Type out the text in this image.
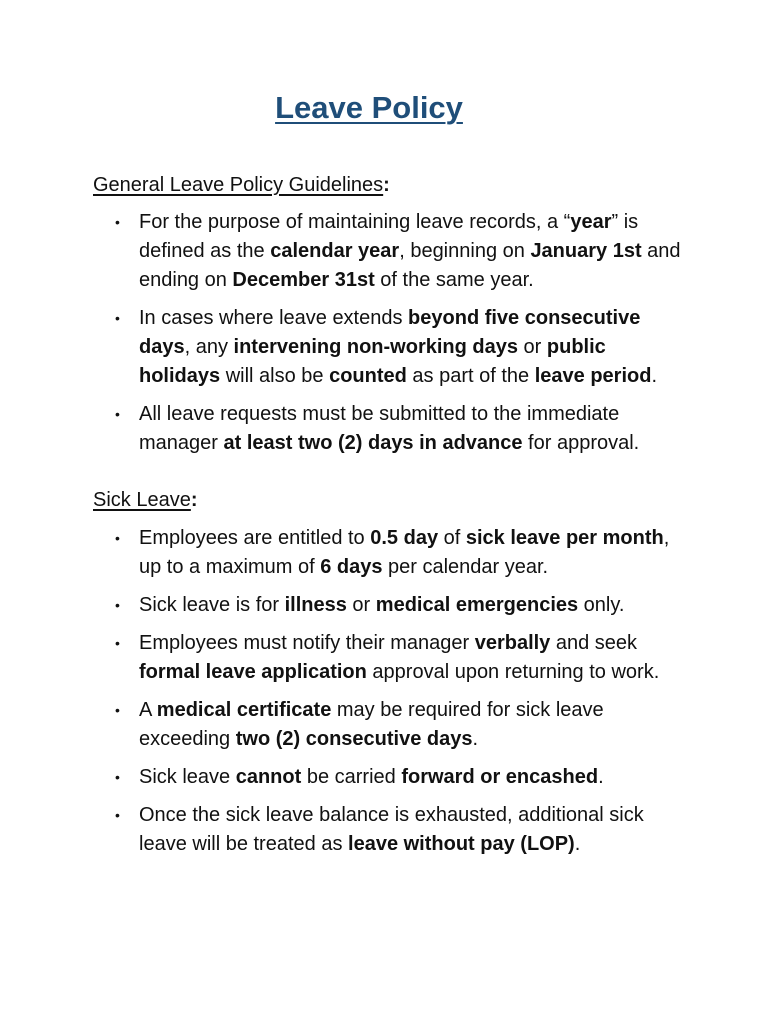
Leave Policy
General Leave Policy Guidelines:
• For the purpose of maintaining leave records, a “year” is defined as the calendar year, beginning on January 1st and ending on December 31st of the same year.
• In cases where leave extends beyond five consecutive days, any intervening non-working days or public holidays will also be counted as part of the leave period.
• All leave requests must be submitted to the immediate manager at least two (2) days in advance for approval.
Sick Leave:
• Employees are entitled to 0.5 day of sick leave per month, up to a maximum of 6 days per calendar year.
• Sick leave is for illness or medical emergencies only.
• Employees must notify their manager verbally and seek formal leave application approval upon returning to work.
• A medical certificate may be required for sick leave exceeding two (2) consecutive days.
• Sick leave cannot be carried forward or encashed.
• Once the sick leave balance is exhausted, additional sick leave will be treated as leave without pay (LOP).
